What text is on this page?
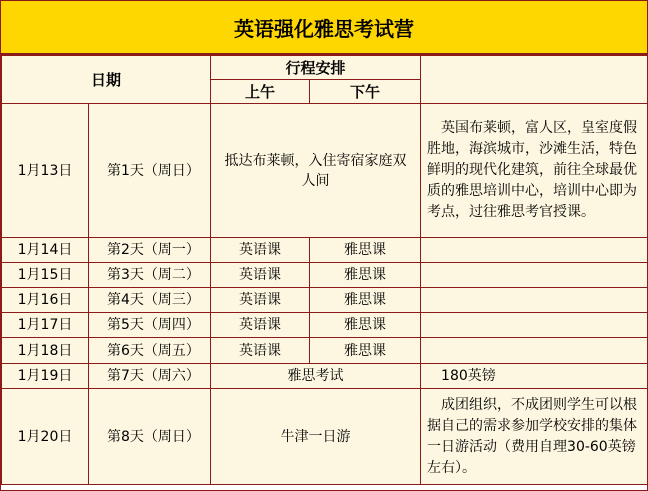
英语强化雅思考试营
日期		行程安排		
		上午	下午	
1月13日	第1天（周日）	抵达布莱顿，入住寄宿家庭双人间		英国布莱顿，富人区，皇室度假胜地，海滨城市，沙滩生活，特色鲜明的现代化建筑，前往全球最优质的雅思培训中心，培训中心即为考点，过往雅思考官授课。
1月14日	第2天（周一）	英语课	雅思课	
1月15日	第3天（周二）	英语课	雅思课	
1月16日	第4天（周三）	英语课	雅思课	
1月17日	第5天（周四）	英语课	雅思课	
1月18日	第6天（周五）	英语课	雅思课	
1月19日	第7天（周六）	雅思考试		180英镑
1月20日	第8天（周日）	牛津一日游		成团组织，不成团则学生可以根据自己的需求参加学校安排的集体一日游活动（费用自理30-60英镑左右）。
